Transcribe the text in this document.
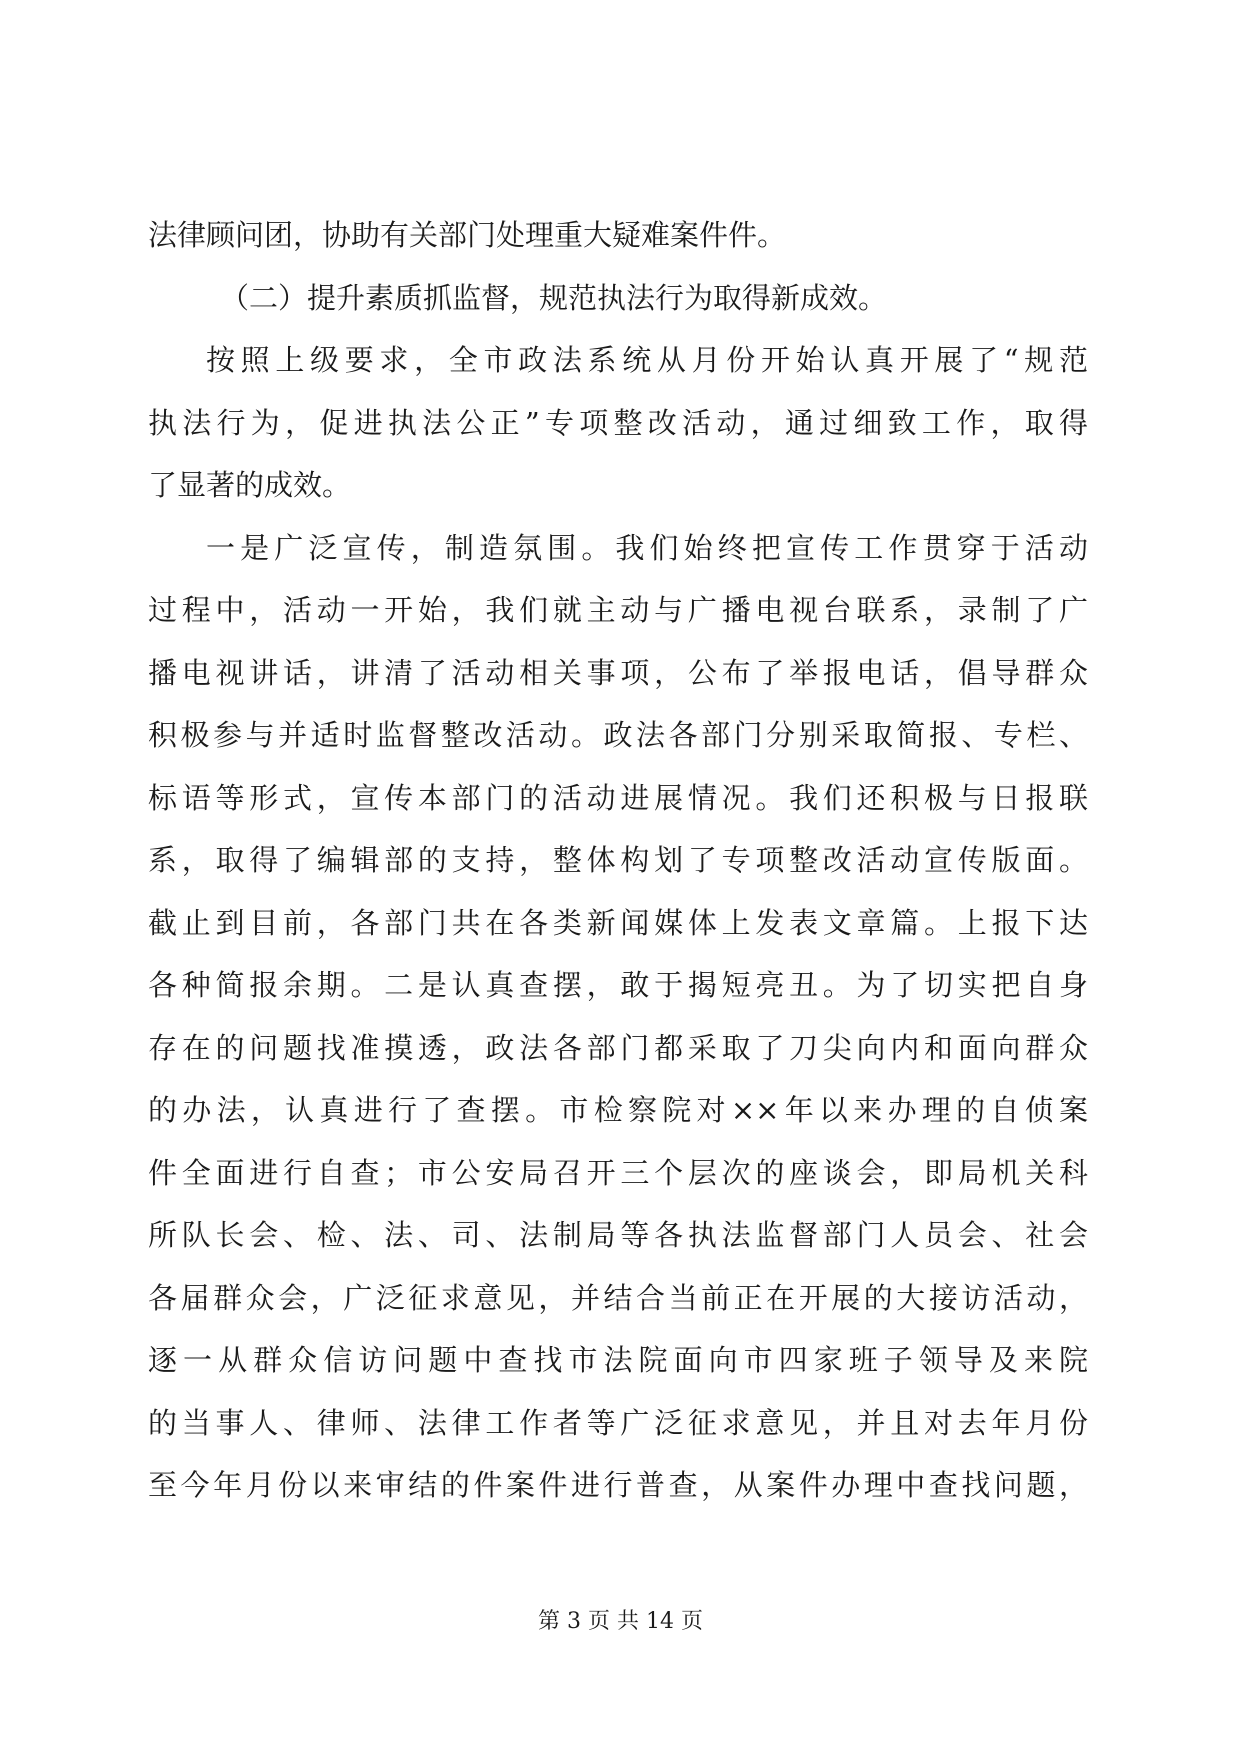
法律顾问团，协助有关部门处理重大疑难案件件。
（二）提升素质抓监督，规范执法行为取得新成效。
按照上级要求，全市政法系统从月份开始认真开展了“规范
执法行为，促进执法公正”专项整改活动，通过细致工作，取得
了显著的成效。
一是广泛宣传，制造氛围。我们始终把宣传工作贯穿于活动
过程中，活动一开始，我们就主动与广播电视台联系，录制了广
播电视讲话，讲清了活动相关事项，公布了举报电话，倡导群众
积极参与并适时监督整改活动。政法各部门分别采取简报、专栏、
标语等形式，宣传本部门的活动进展情况。我们还积极与日报联
系，取得了编辑部的支持，整体构划了专项整改活动宣传版面。
截止到目前，各部门共在各类新闻媒体上发表文章篇。上报下达
各种简报余期。二是认真查摆，敢于揭短亮丑。为了切实把自身
存在的问题找准摸透，政法各部门都采取了刀尖向内和面向群众
的办法，认真进行了查摆。市检察院对××年以来办理的自侦案
件全面进行自查；市公安局召开三个层次的座谈会，即局机关科
所队长会、检、法、司、法制局等各执法监督部门人员会、社会
各届群众会，广泛征求意见，并结合当前正在开展的大接访活动，
逐一从群众信访问题中查找市法院面向市四家班子领导及来院
的当事人、律师、法律工作者等广泛征求意见，并且对去年月份
至今年月份以来审结的件案件进行普查，从案件办理中查找问题，
第 3 页 共 14 页
